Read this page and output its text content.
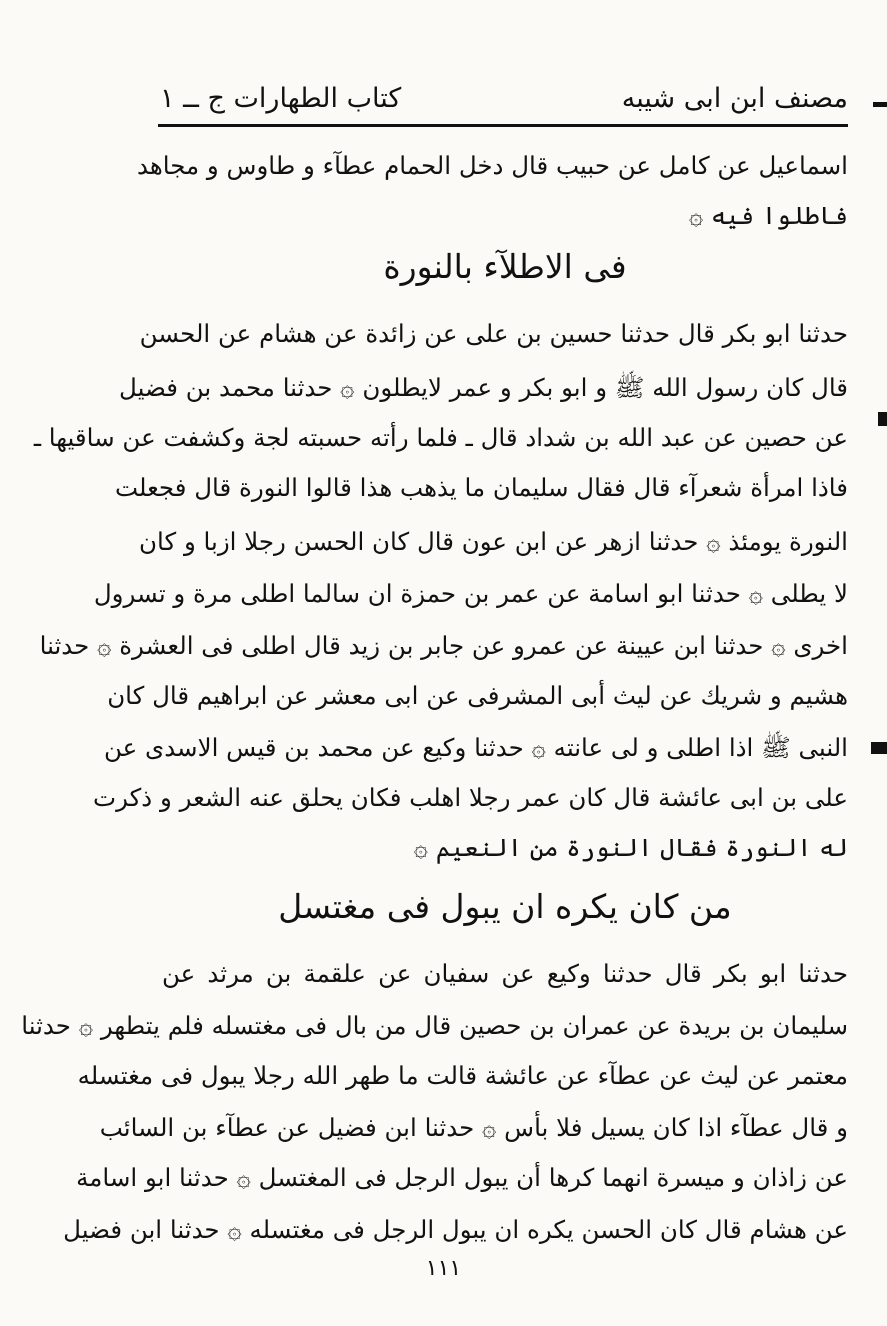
مصنف ابن ابی شیبه
كتاب الطهارات ج ــ ١
اسماعيل عن كامل عن حبيب قال دخل الحمام عطآء و طاوس و مجاهد
فاطلوا فيه ۞
فى الاطلآء بالنورة
حدثنا ابو بكر قال حدثنا حسين بن على عن زائدة عن هشام عن الحسن
قال كان رسول الله ﷺ و ابو بكر و عمر لايطلون ۞ حدثنا محمد بن فضيل
عن حصين عن عبد الله بن شداد قال ـ فلما رأته حسبته لجة وكشفت عن ساقيها ـ
فاذا امرأة شعرآء قال فقال سليمان ما يذهب هذا قالوا النورة قال فجعلت
النورة يومئذ ۞ حدثنا ازهر عن ابن عون قال كان الحسن رجلا ازبا و كان
لا يطلى ۞ حدثنا ابو اسامة عن عمر بن حمزة ان سالما اطلى مرة و تسرول
اخرى ۞ حدثنا ابن عيينة عن عمرو عن جابر بن زيد قال اطلى فى العشرة ۞ حدثنا
هشيم و شريك عن ليث أبى المشرفى عن ابى معشر عن ابراهيم قال كان
النبى ﷺ اذا اطلى و لى عانته ۞ حدثنا وكيع عن محمد بن قيس الاسدى عن
على بن ابى عائشة قال كان عمر رجلا اهلب فكان يحلق عنه الشعر و ذكرت
له النورة فقال النورة من النعيم ۞
من كان يكره ان يبول فى مغتسل
حدثنا ابو بكر قال حدثنا وكيع عن سفيان عن علقمة بن مرثد عن
سليمان بن بريدة عن عمران بن حصين قال من بال فى مغتسله فلم يتطهر ۞ حدثنا
معتمر عن ليث عن عطآء عن عائشة قالت ما طهر الله رجلا يبول فى مغتسله
و قال عطآء اذا كان يسيل فلا بأس ۞ حدثنا ابن فضيل عن عطآء بن السائب
عن زاذان و ميسرة انهما كرها أن يبول الرجل فى المغتسل ۞ حدثنا ابو اسامة
عن هشام قال كان الحسن يكره ان يبول الرجل فى مغتسله ۞ حدثنا ابن فضيل
١١١
